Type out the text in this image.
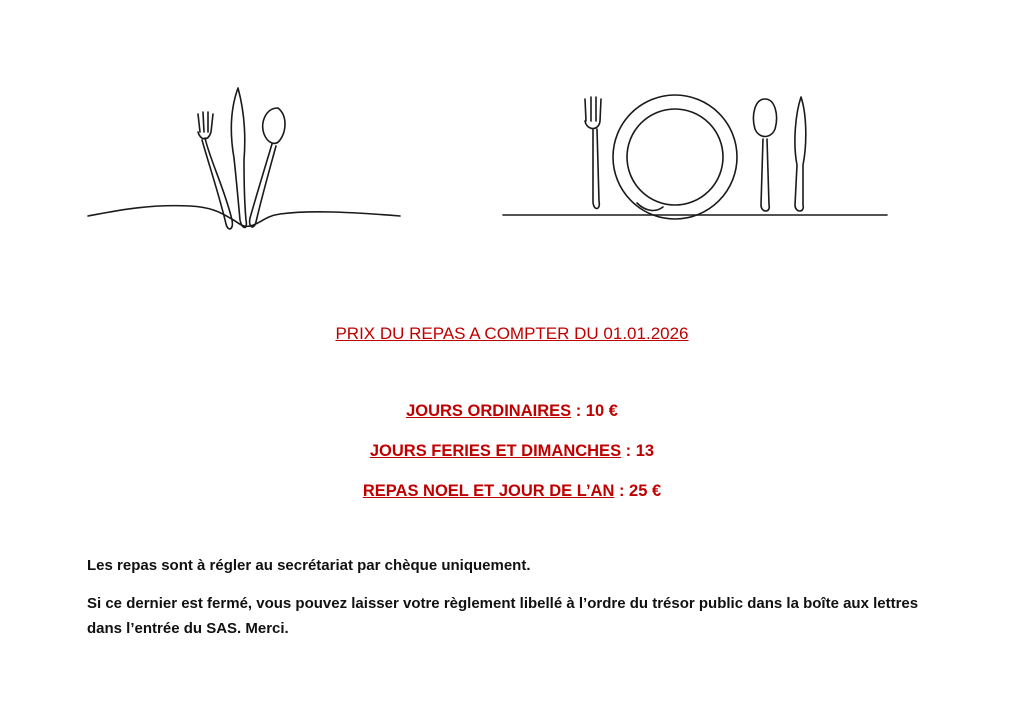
PRIX DU REPAS A COMPTER DU 01.01.2026
JOURS ORDINAIRES : 10 €
JOURS FERIES ET DIMANCHES : 13
REPAS NOEL ET JOUR DE L’AN : 25 €
Les repas sont à régler au secrétariat par chèque uniquement.
Si ce dernier est fermé, vous pouvez laisser votre règlement libellé à l’ordre du trésor public dans la boîte aux lettres dans l’entrée du SAS. Merci.
